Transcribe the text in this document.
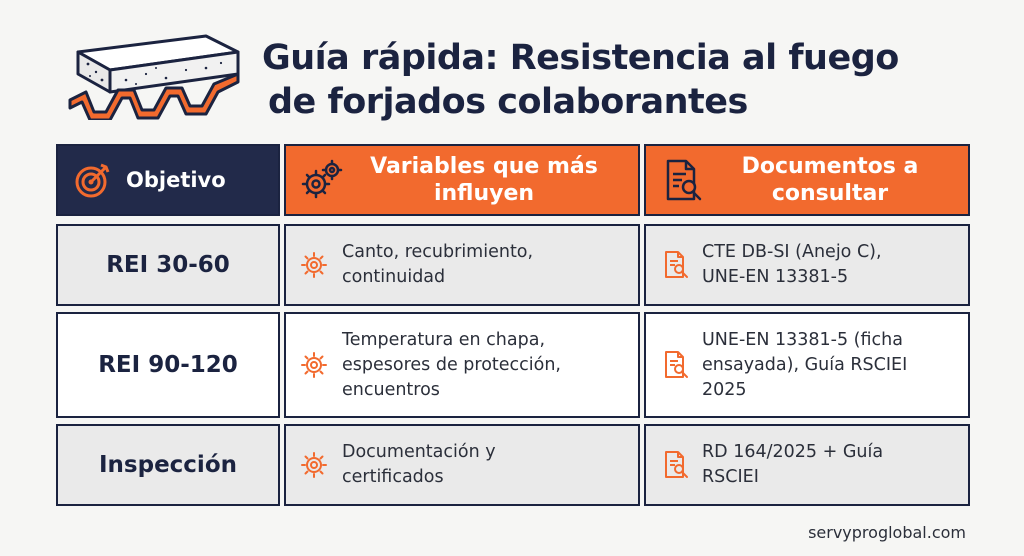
Guía rápida: Resistencia al fuego
de forjados colaborantes
Objetivo
Variables que más influyen
Documentos a consultar
REI 30-60	Canto, recubrimiento,
continuidad
CTE DB-SI (Anejo C),
UNE-EN 13381-5
REI 90-120
Temperatura en chapa,
espesores de protección,
encuentros
UNE-EN 13381-5 (ficha
ensayada), Guía RSCIEI
2025
Inspección	Documentación y
certificados
RD 164/2025 + Guía
RSCIEI
servyproglobal.com
